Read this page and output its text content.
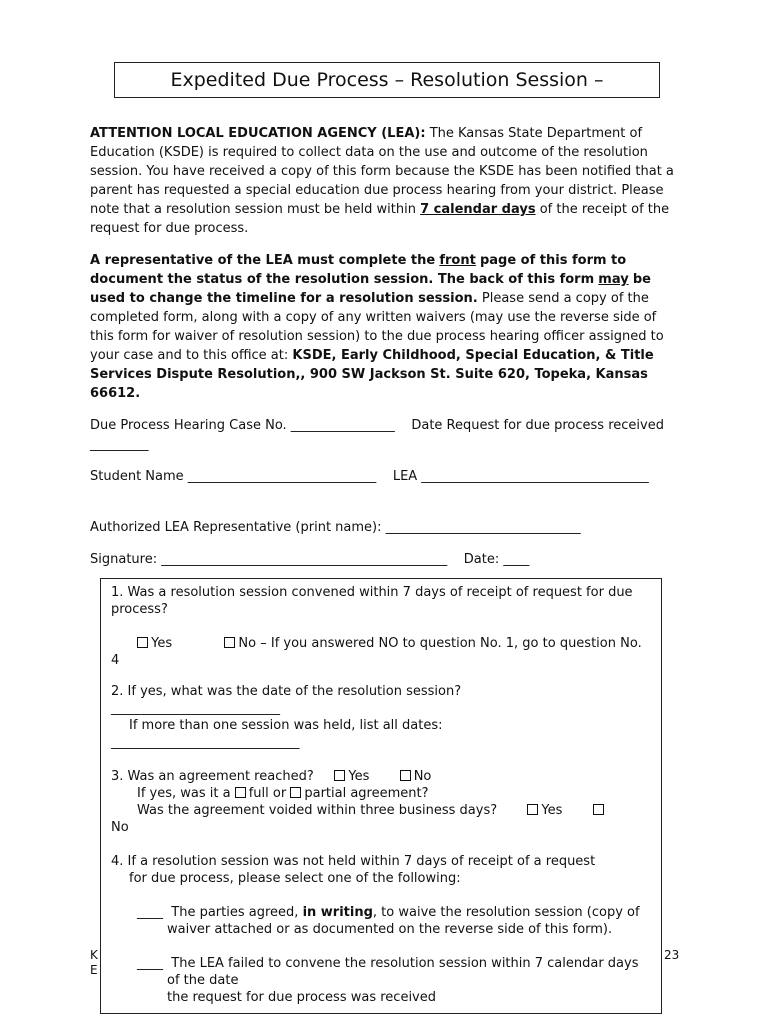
Expedited Due Process – Resolution Session –

ATTENTION LOCAL EDUCATION AGENCY (LEA): The Kansas State Department of Education (KSDE) is required to collect data on the use and outcome of the resolution session. You have received a copy of this form because the KSDE has been notified that a parent has requested a special education due process hearing from your district. Please note that a resolution session must be held within 7 calendar days of the receipt of the request for due process.

A representative of the LEA must complete the front page of this form to document the status of the resolution session. The back of this form may be used to change the timeline for a resolution session. Please send a copy of the completed form, along with a copy of any written waivers (may use the reverse side of this form for waiver of resolution session) to the due process hearing officer assigned to your case and to this office at: KSDE, Early Childhood, Special Education, & Title Services Dispute Resolution,, 900 SW Jackson St. Suite 620, Topeka, Kansas 66612.

Due Process Hearing Case No. ________________ Date Request for due process received _________

Student Name _____________________________ LEA ___________________________________

Authorized LEA Representative (print name): ______________________________

Signature: ____________________________________________ Date: ____

K E
23

1. Was a resolution session convened within 7 days of receipt of request for due process?

Yes	No – If you answered NO to question No. 1, go to question No. 4

2. If yes, what was the date of the resolution session?

__________________________

If more than one session was held, list all dates:

_____________________________

3. Was an agreement reached?	Yes	No

If yes, was it a full or partial agreement?

Was the agreement voided within three business days?	Yes

No

4. If a resolution session was not held within 7 days of receipt of a request

for due process, please select one of the following:

____ The parties agreed, in writing, to waive the resolution session (copy of waiver attached or as documented on the reverse side of this form).

____ The LEA failed to convene the resolution session within 7 calendar days of the date

the request for due process was received
